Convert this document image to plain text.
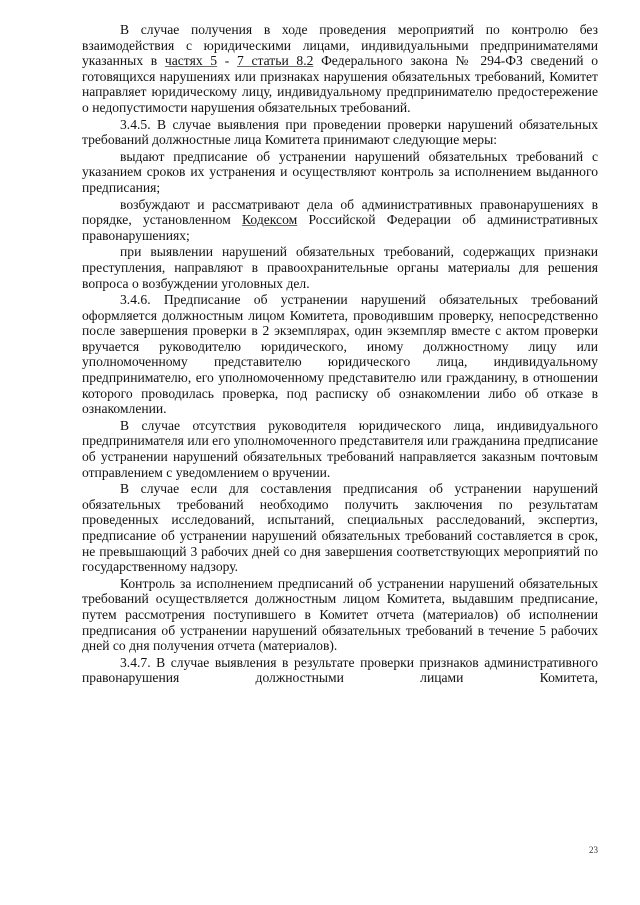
В случае получения в ходе проведения мероприятий по контролю без взаимодействия с юридическими лицами, индивидуальными предпринимателями указанных в частях 5 - 7 статьи 8.2 Федерального закона № 294-ФЗ сведений о готовящихся нарушениях или признаках нарушения обязательных требований, Комитет направляет юридическому лицу, индивидуальному предпринимателю предостережение о недопустимости нарушения обязательных требований.

3.4.5. В случае выявления при проведении проверки нарушений обязательных требований должностные лица Комитета принимают следующие меры:

выдают предписание об устранении нарушений обязательных требований с указанием сроков их устранения и осуществляют контроль за исполнением выданного предписания;

возбуждают и рассматривают дела об административных правонарушениях в порядке, установленном Кодексом Российской Федерации об административных правонарушениях;

при выявлении нарушений обязательных требований, содержащих признаки преступления, направляют в правоохранительные органы материалы для решения вопроса о возбуждении уголовных дел.

3.4.6. Предписание об устранении нарушений обязательных требований оформляется должностным лицом Комитета, проводившим проверку, непосредственно после завершения проверки в 2 экземплярах, один экземпляр вместе с актом проверки вручается руководителю юридического, иному должностному лицу или уполномоченному представителю юридического лица, индивидуальному предпринимателю, его уполномоченному представителю или гражданину, в отношении которого проводилась проверка, под расписку об ознакомлении либо об отказе в ознакомлении.

В случае отсутствия руководителя юридического лица, индивидуального предпринимателя или его уполномоченного представителя или гражданина предписание об устранении нарушений обязательных требований направляется заказным почтовым отправлением с уведомлением о вручении.

В случае если для составления предписания об устранении нарушений обязательных требований необходимо получить заключения по результатам проведенных исследований, испытаний, специальных расследований, экспертиз, предписание об устранении нарушений обязательных требований составляется в срок, не превышающий 3 рабочих дней со дня завершения соответствующих мероприятий по государственному надзору.

Контроль за исполнением предписаний об устранении нарушений обязательных требований осуществляется должностным лицом Комитета, выдавшим предписание, путем рассмотрения поступившего в Комитет отчета (материалов) об исполнении предписания об устранении нарушений обязательных требований в течение 5 рабочих дней со дня получения отчета (материалов).

3.4.7. В случае выявления в результате проверки признаков административного правонарушения должностными лицами Комитета,

23
